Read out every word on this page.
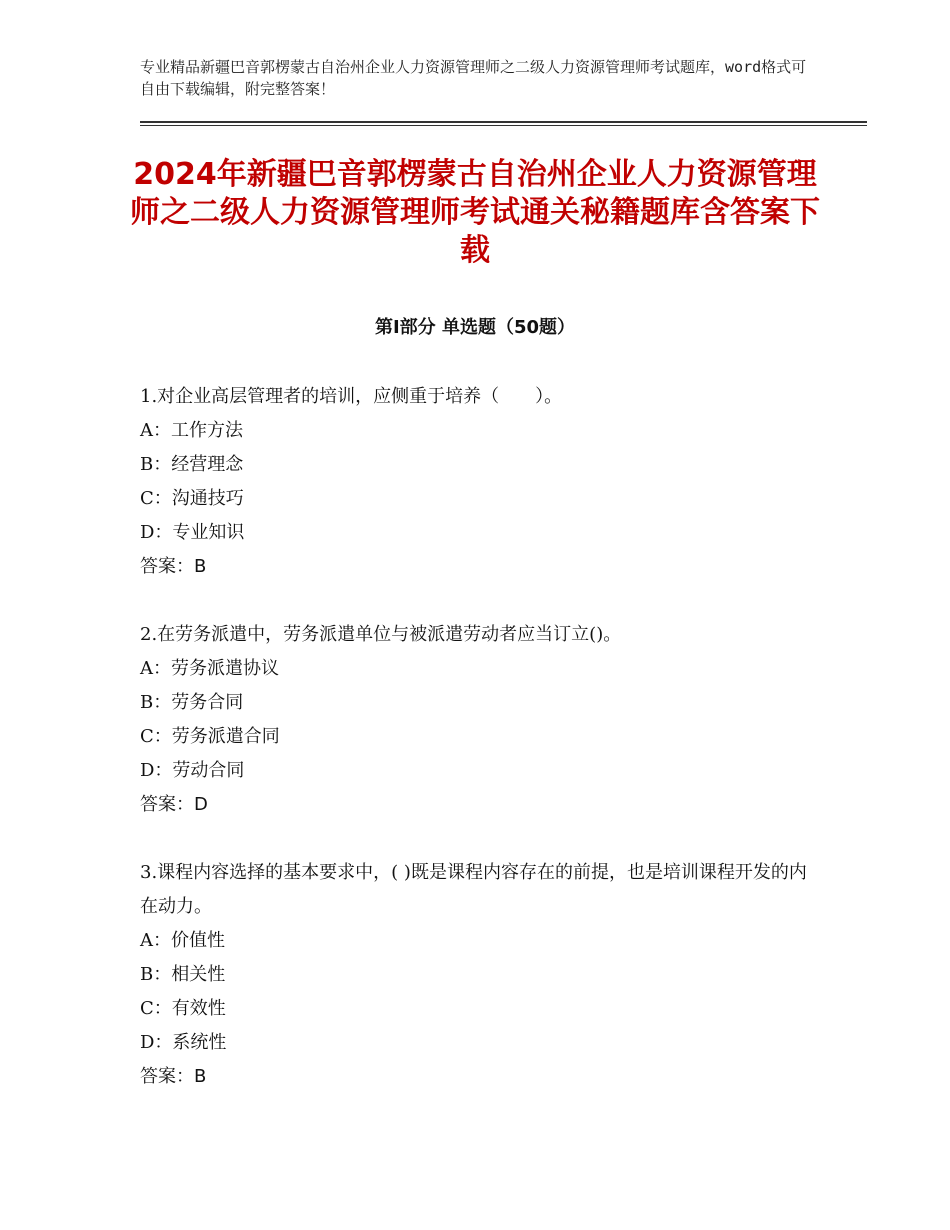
专业精品新疆巴音郭楞蒙古自治州企业人力资源管理师之二级人力资源管理师考试题库，word格式可自由下载编辑，附完整答案！
2024年新疆巴音郭楞蒙古自治州企业人力资源管理师之二级人力资源管理师考试通关秘籍题库含答案下载
第Ⅰ部分 单选题（50题）

1.对企业高层管理者的培训，应侧重于培养（　　）。

A：工作方法

B：经营理念

C：沟通技巧

D：专业知识

答案：B

2.在劳务派遣中，劳务派遣单位与被派遣劳动者应当订立()。

A：劳务派遣协议

B：劳务合同

C：劳务派遣合同

D：劳动合同

答案：D

3.课程内容选择的基本要求中，( )既是课程内容存在的前提，也是培训课程开发的内在动力。

A：价值性

B：相关性

C：有效性

D：系统性

答案：B
